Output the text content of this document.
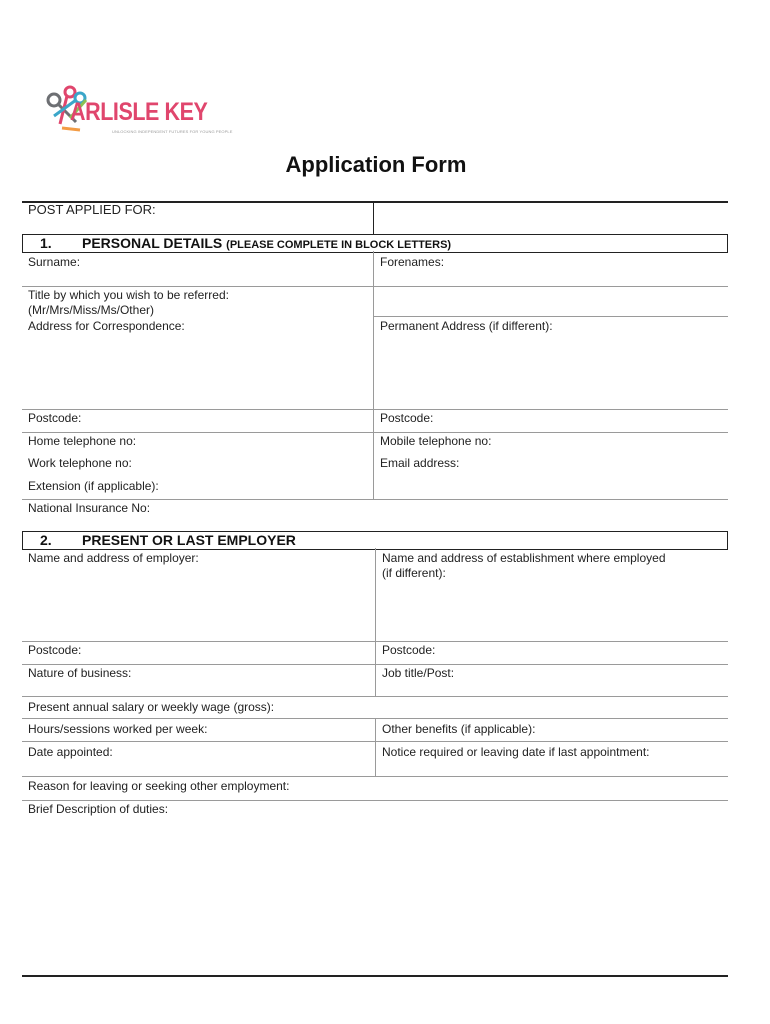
ARLISLE KEY
UNLOCKING INDEPENDENT FUTURES FOR YOUNG PEOPLE
Application Form
POST APPLIED FOR:
1. PERSONAL DETAILS (PLEASE COMPLETE IN BLOCK LETTERS)
Surname:	Forenames:
Title by which you wish to be referred:
(Mr/Mrs/Miss/Ms/Other)
Address for Correspondence:	Permanent Address (if different):
Postcode:	Postcode:
Home telephone no:	Mobile telephone no:
Work telephone no:	Email address:
Extension (if applicable):
National Insurance No:
2. PRESENT OR LAST EMPLOYER
Name and address of employer:	Name and address of establishment where employed
(if different):
Postcode:	Postcode:
Nature of business:	Job title/Post:
Present annual salary or weekly wage (gross):
Hours/sessions worked per week:	Other benefits (if applicable):
Date appointed:	Notice required or leaving date if last appointment:
Reason for leaving or seeking other employment:
Brief Description of duties:
